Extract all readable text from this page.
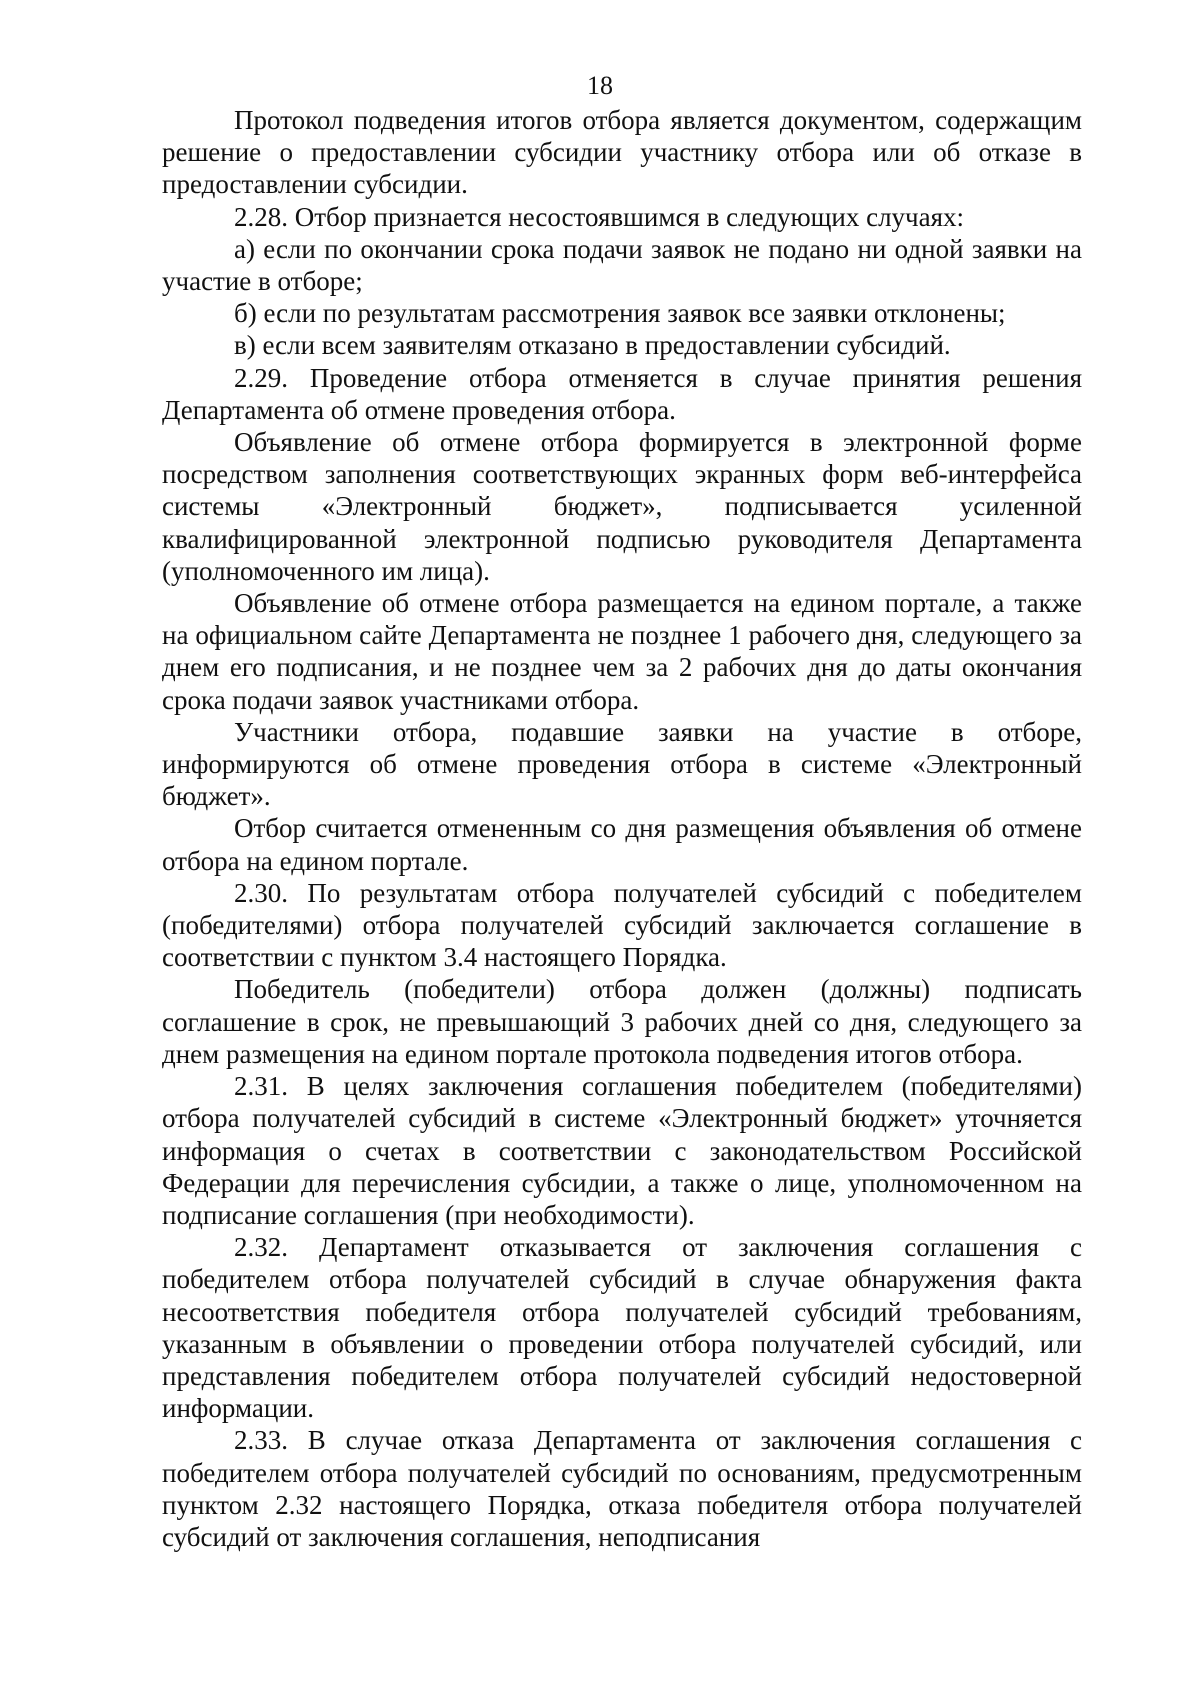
18

Протокол подведения итогов отбора является документом, содержащим решение о предоставлении субсидии участнику отбора или об отказе в предоставлении субсидии.

2.28. Отбор признается несостоявшимся в следующих случаях:

а) если по окончании срока подачи заявок не подано ни одной заявки на участие в отборе;

б) если по результатам рассмотрения заявок все заявки отклонены;

в) если всем заявителям отказано в предоставлении субсидий.

2.29. Проведение отбора отменяется в случае принятия решения Департамента об отмене проведения отбора.

Объявление об отмене отбора формируется в электронной форме посредством заполнения соответствующих экранных форм веб-интерфейса системы «Электронный бюджет», подписывается усиленной квалифицированной электронной подписью руководителя Департамента (уполномоченного им лица).

Объявление об отмене отбора размещается на едином портале, а также на официальном сайте Департамента не позднее 1 рабочего дня, следующего за днем его подписания, и не позднее чем за 2 рабочих дня до даты окончания срока подачи заявок участниками отбора.

Участники отбора, подавшие заявки на участие в отборе, информируются об отмене проведения отбора в системе «Электронный бюджет».

Отбор считается отмененным со дня размещения объявления об отмене отбора на едином портале.

2.30. По результатам отбора получателей субсидий с победителем (победителями) отбора получателей субсидий заключается соглашение в соответствии с пунктом 3.4 настоящего Порядка.

Победитель (победители) отбора должен (должны) подписать соглашение в срок, не превышающий 3 рабочих дней со дня, следующего за днем размещения на едином портале протокола подведения итогов отбора.

2.31. В целях заключения соглашения победителем (победителями) отбора получателей субсидий в системе «Электронный бюджет» уточняется информация о счетах в соответствии с законодательством Российской Федерации для перечисления субсидии, а также о лице, уполномоченном на подписание соглашения (при необходимости).

2.32. Департамент отказывается от заключения соглашения с победителем отбора получателей субсидий в случае обнаружения факта несоответствия победителя отбора получателей субсидий требованиям, указанным в объявлении о проведении отбора получателей субсидий, или представления победителем отбора получателей субсидий недостоверной информации.

2.33. В случае отказа Департамента от заключения соглашения с победителем отбора получателей субсидий по основаниям, предусмотренным пунктом 2.32 настоящего Порядка, отказа победителя отбора получателей субсидий от заключения соглашения, неподписания
